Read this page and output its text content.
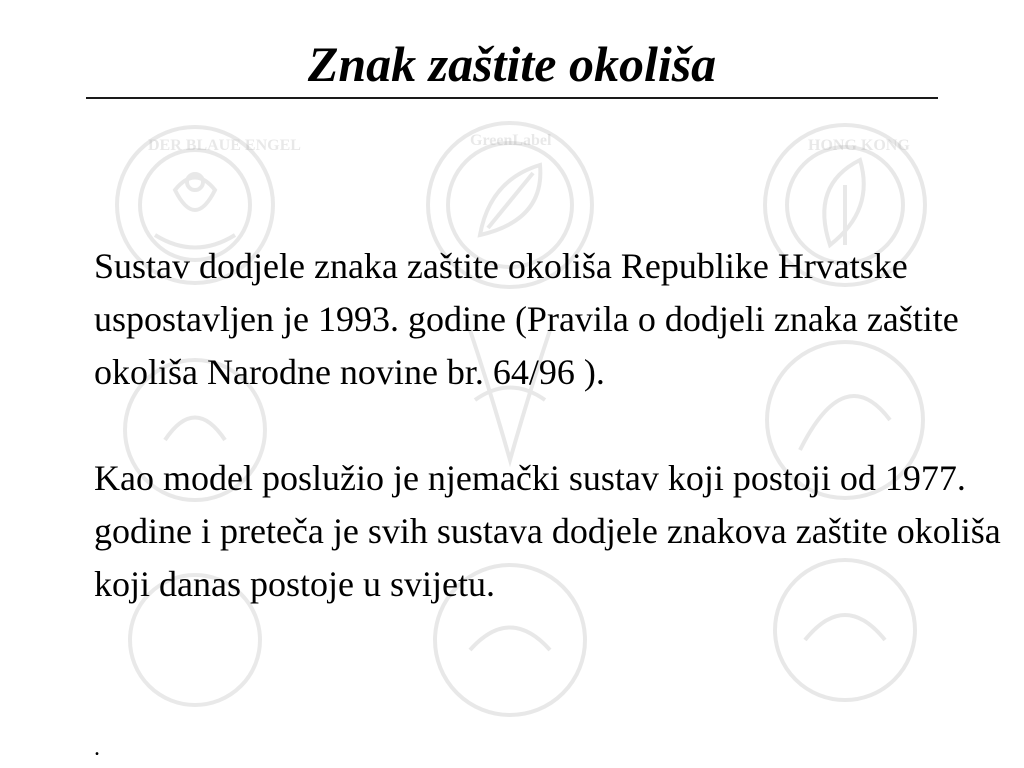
DER BLAUE ENGEL	GreenLabel	HONG KONG
Znak zaštite okoliša

Sustav dodjele znaka zaštite okoliša Republike Hrvatske uspostavljen je 1993. godine (Pravila o dodjeli znaka zaštite okoliša Narodne novine br. 64/96 ).

Kao model poslužio je njemački sustav koji postoji od 1977. godine i preteča je svih sustava dodjele znakova zaštite okoliša koji danas postoje u svijetu.

.
